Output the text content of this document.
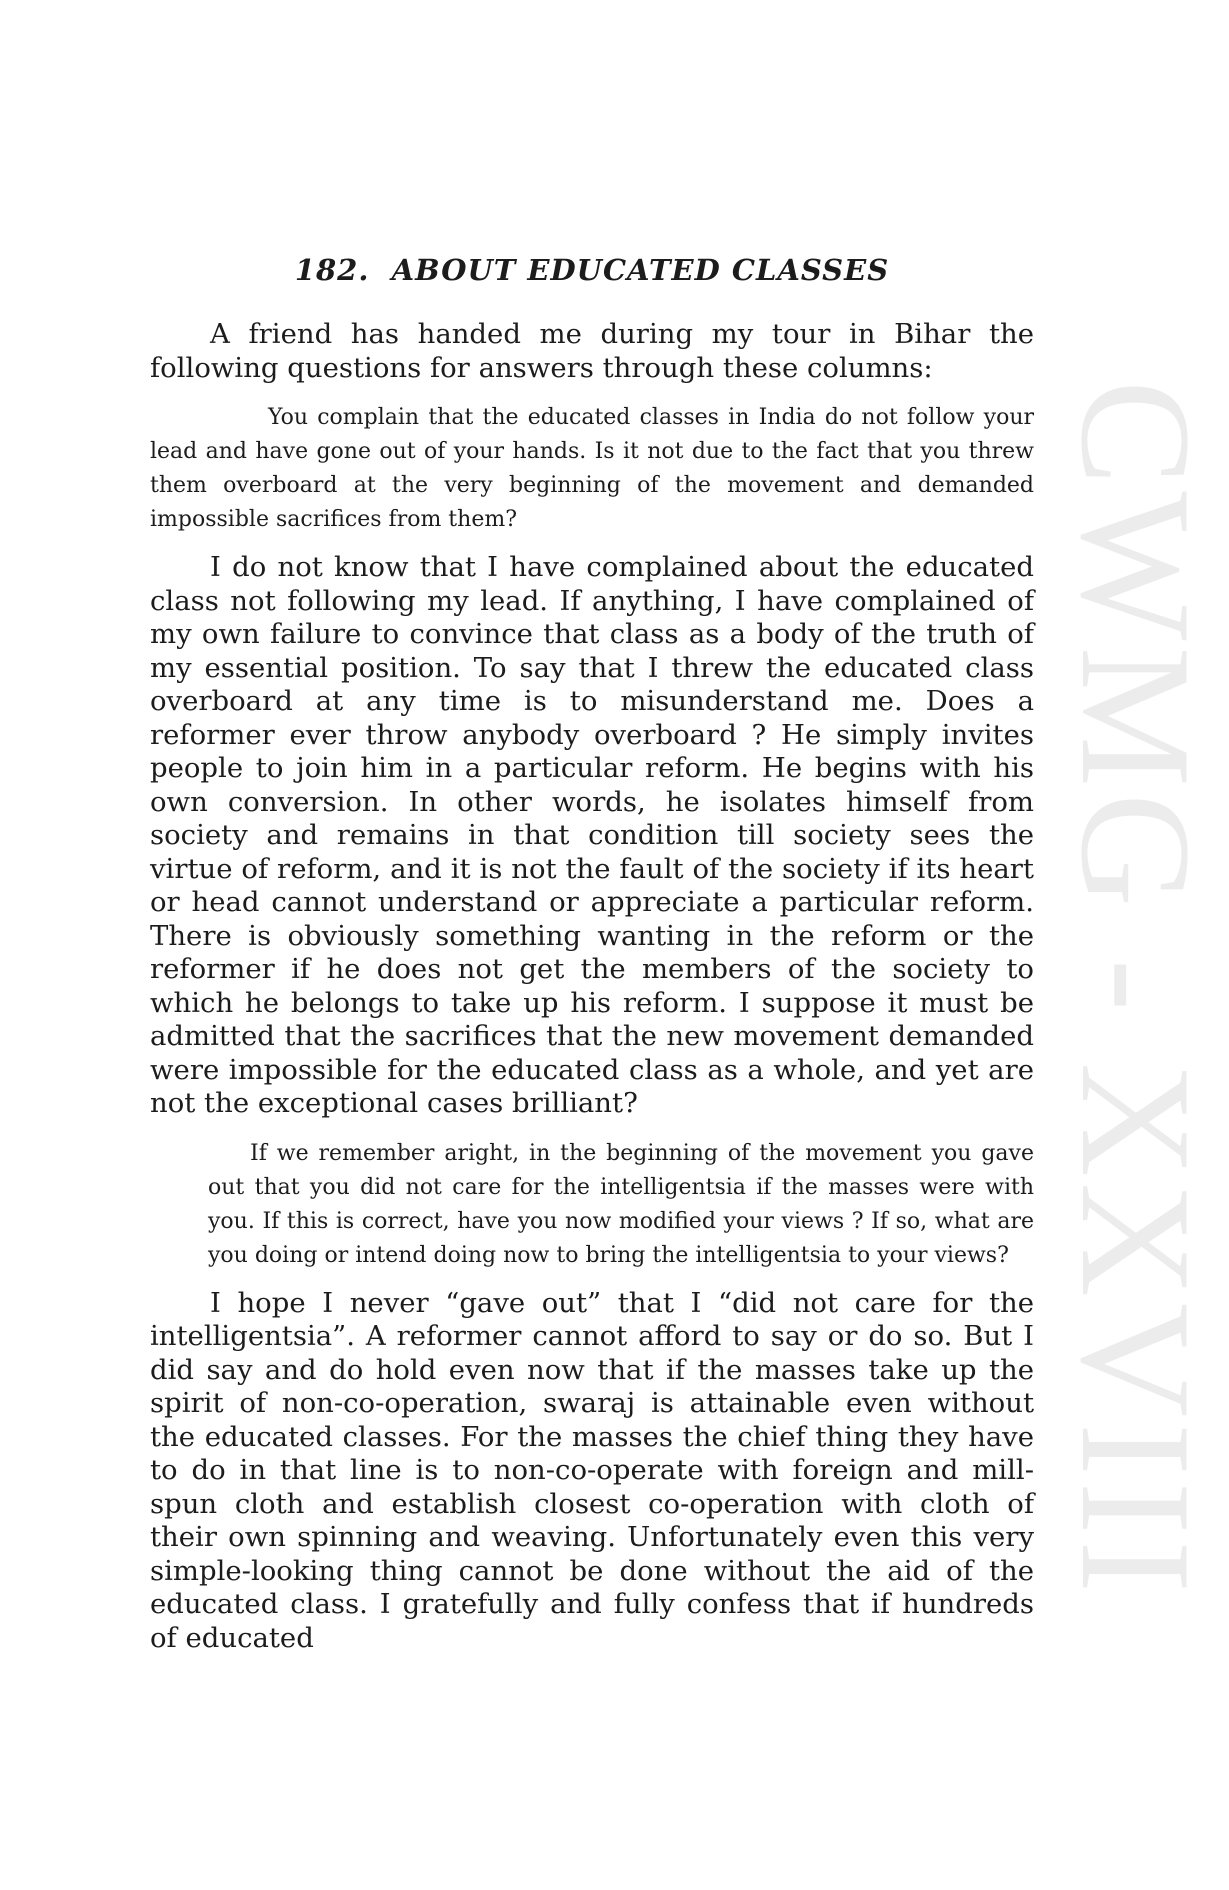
CWMG - XXVIII
182. ABOUT EDUCATED CLASSES

A friend has handed me during my tour in Bihar the following questions for answers through these columns:

You complain that the educated classes in India do not follow your lead and have gone out of your hands. Is it not due to the fact that you threw them overboard at the very beginning of the movement and demanded impossible sacrifices from them?

I do not know that I have complained about the educated class not following my lead. If anything, I have complained of my own failure to convince that class as a body of the truth of my essential position. To say that I threw the educated class overboard at any time is to misunderstand me. Does a reformer ever throw anybody overboard ? He simply invites people to join him in a particular reform. He begins with his own conversion. In other words, he isolates himself from society and remains in that condition till society sees the virtue of reform, and it is not the fault of the society if its heart or head cannot understand or appreciate a particular reform. There is obviously something wanting in the reform or the reformer if he does not get the members of the society to which he belongs to take up his reform. I suppose it must be admitted that the sacrifices that the new movement demanded were impossible for the educated class as a whole, and yet are not the exceptional cases brilliant?

If we remember aright, in the beginning of the movement you gave out that you did not care for the intelligentsia if the masses were with you. If this is correct, have you now modified your views ? If so, what are you doing or intend doing now to bring the intelligentsia to your views?

I hope I never “gave out” that I “did not care for the intelligentsia”. A reformer cannot afford to say or do so. But I did say and do hold even now that if the masses take up the spirit of non-co-operation, swaraj is attainable even without the educated classes. For the masses the chief thing they have to do in that line is to non-co-operate with foreign and mill-spun cloth and establish closest co-operation with cloth of their own spinning and weaving. Unfortunately even this very simple-looking thing cannot be done without the aid of the educated class. I gratefully and fully confess that if hundreds of educated
